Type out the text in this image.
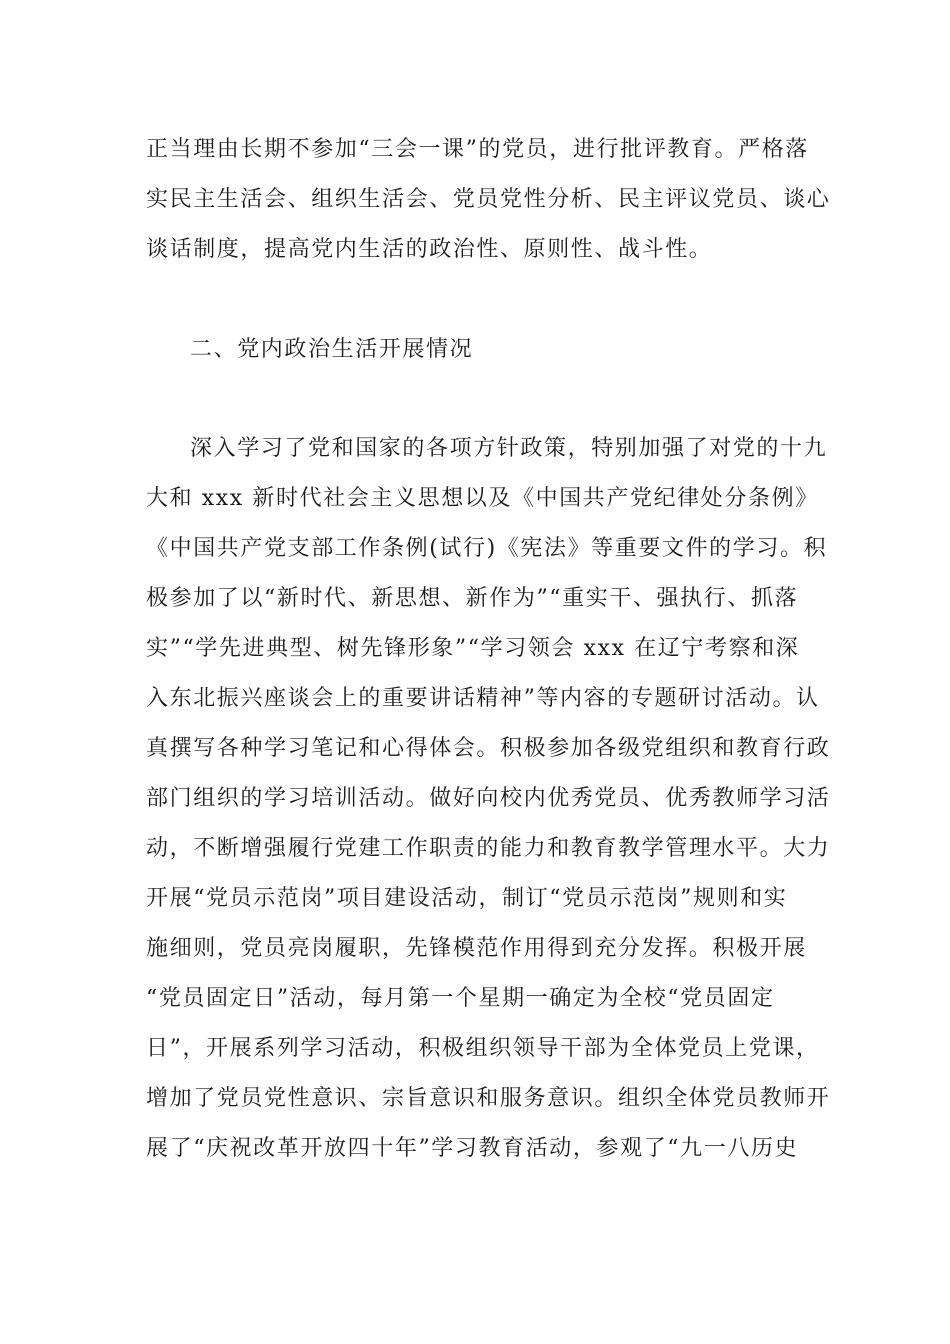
正当理由长期不参加“三会一课”的党员，进行批评教育。严格落
实民主生活会、组织生活会、党员党性分析、民主评议党员、谈心
谈话制度，提高党内生活的政治性、原则性、战斗性。
二、党内政治生活开展情况
深入学习了党和国家的各项方针政策，特别加强了对党的十九
大和 xxx 新时代社会主义思想以及《中国共产党纪律处分条例》
《中国共产党支部工作条例(试行)《宪法》等重要文件的学习。积
极参加了以“新时代、新思想、新作为”“重实干、强执行、抓落
实”“学先进典型、树先锋形象”“学习领会 xxx 在辽宁考察和深
入东北振兴座谈会上的重要讲话精神”等内容的专题研讨活动。认
真撰写各种学习笔记和心得体会。积极参加各级党组织和教育行政
部门组织的学习培训活动。做好向校内优秀党员、优秀教师学习活
动，不断增强履行党建工作职责的能力和教育教学管理水平。大力
开展“党员示范岗”项目建设活动，制订“党员示范岗”规则和实
施细则，党员亮岗履职，先锋模范作用得到充分发挥。积极开展
“党员固定日”活动，每月第一个星期一确定为全校“党员固定
日”，开展系列学习活动，积极组织领导干部为全体党员上党课，
增加了党员党性意识、宗旨意识和服务意识。组织全体党员教师开
展了“庆祝改革开放四十年”学习教育活动，参观了“九一八历史
